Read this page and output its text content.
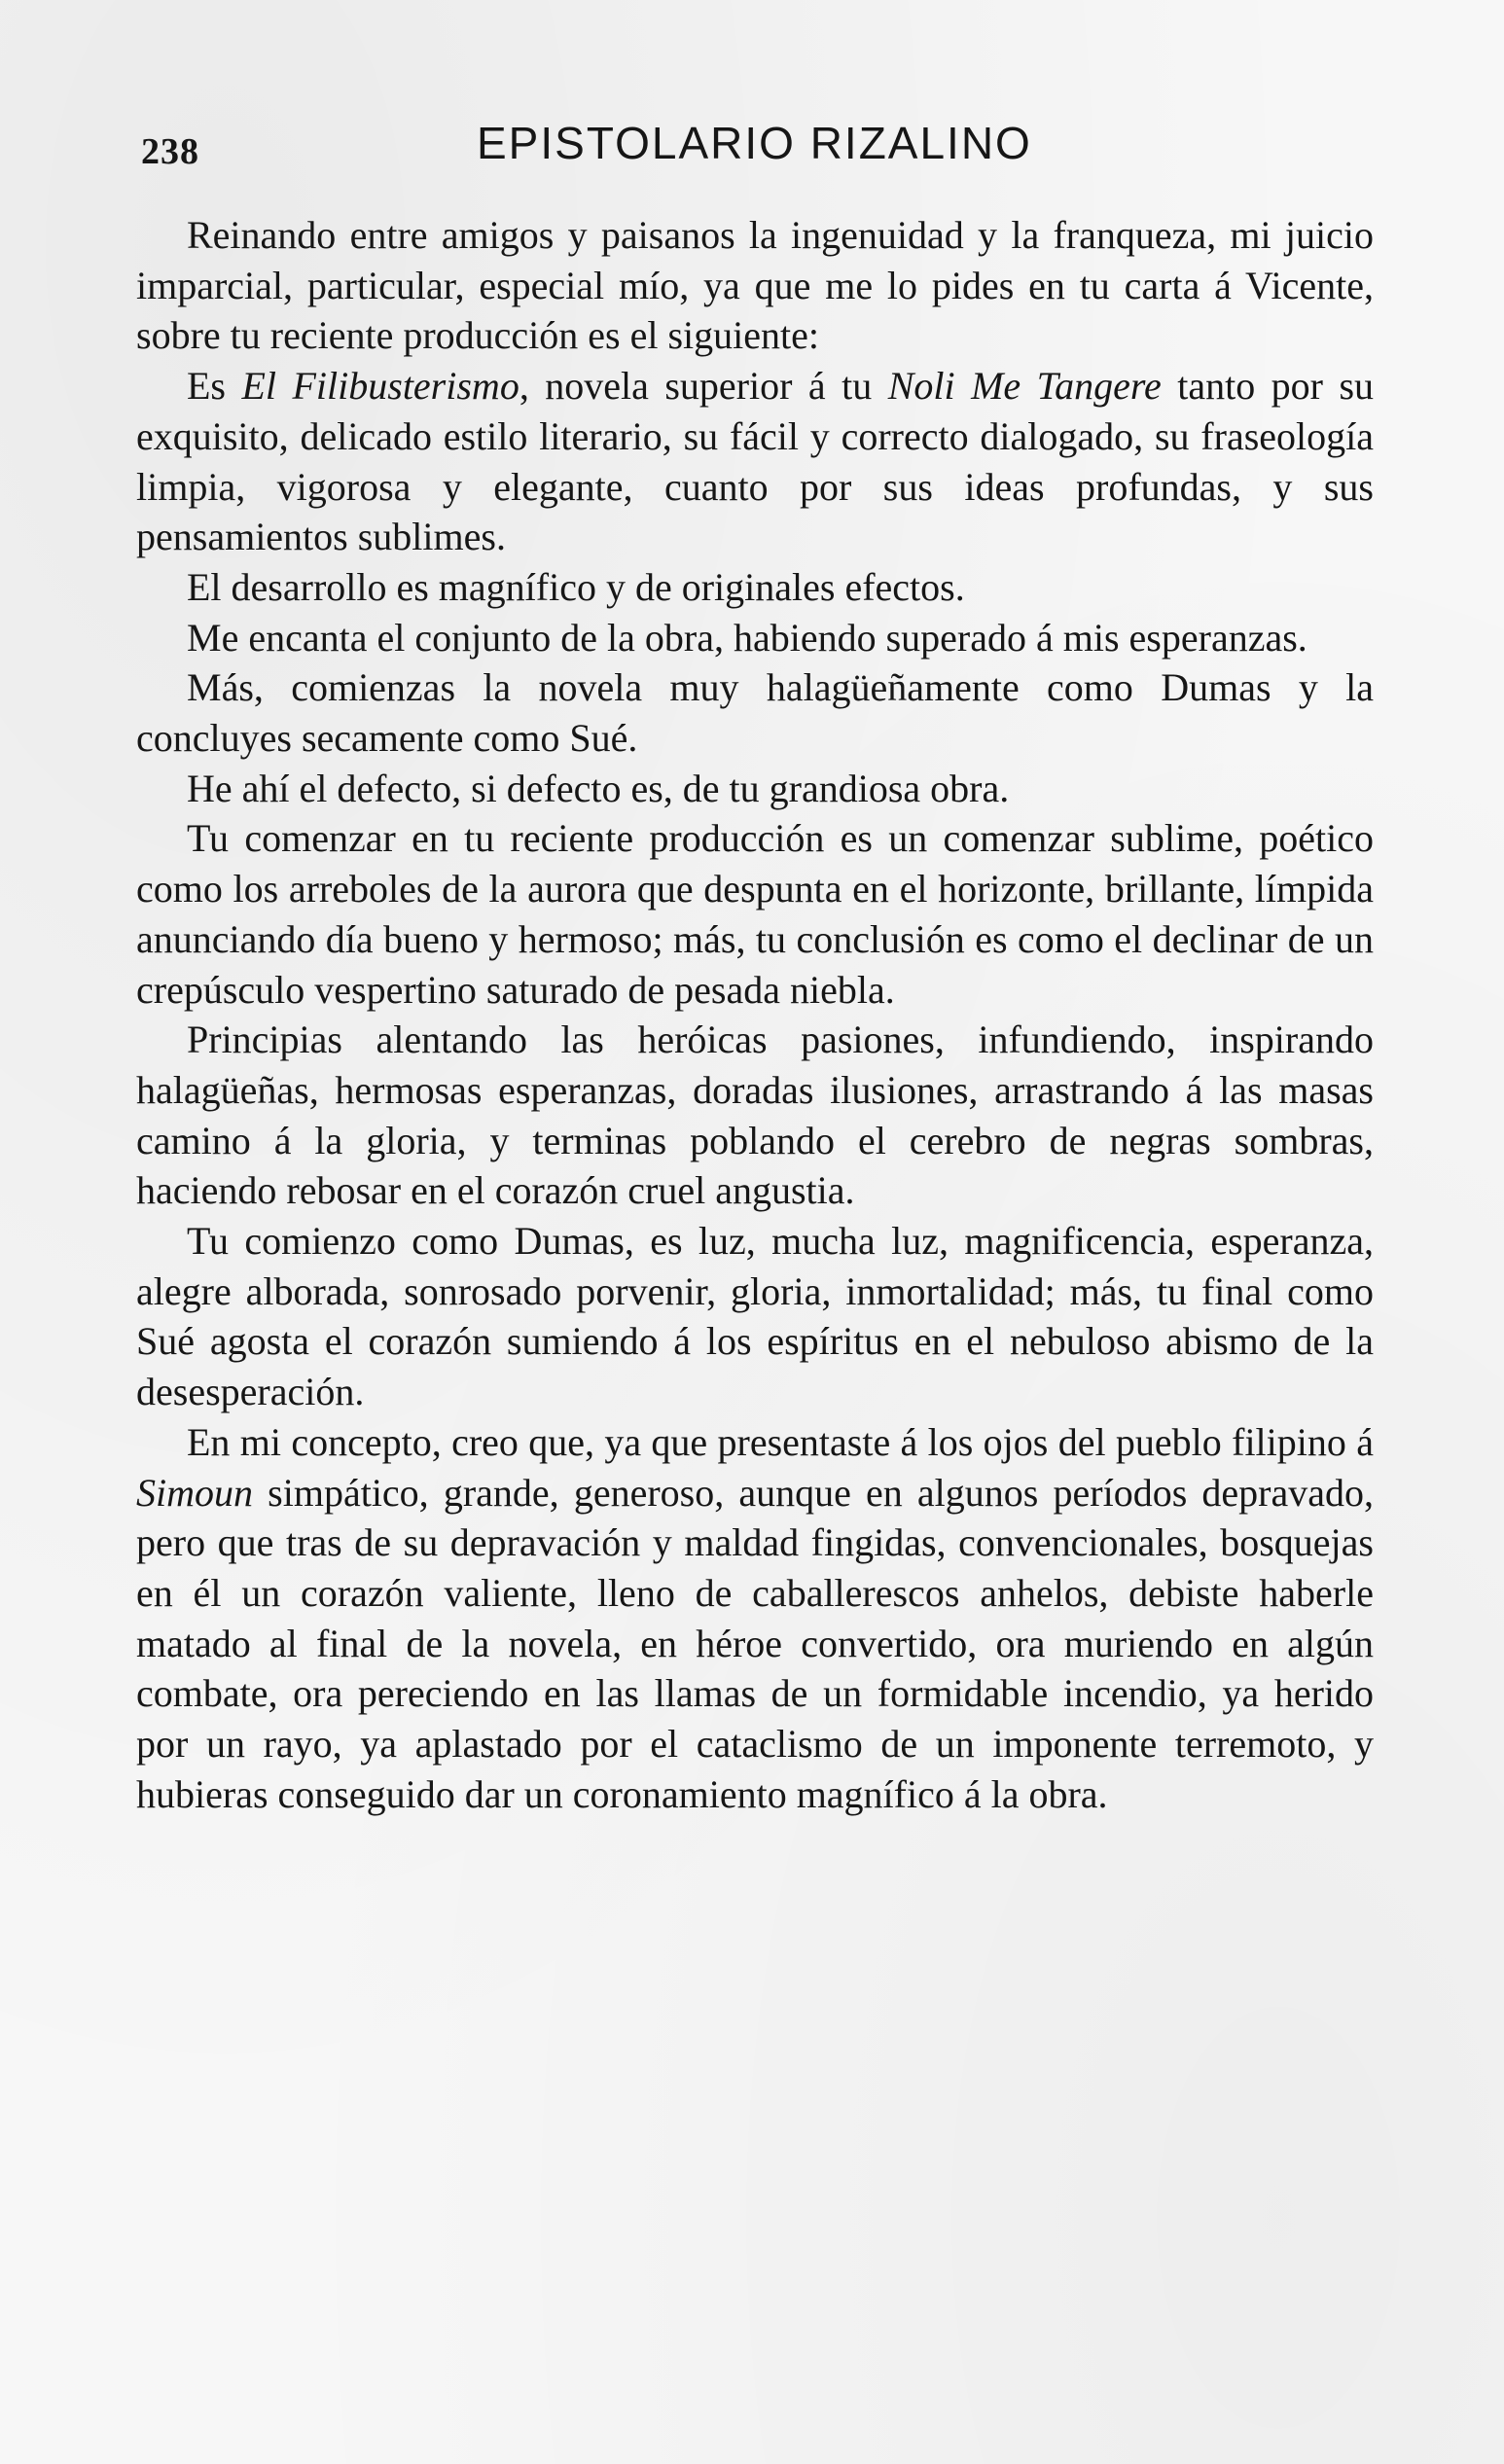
238	EPISTOLARIO RIZALINO

Reinando entre amigos y paisanos la ingenuidad y la franqueza, mi juicio imparcial, particular, especial mío, ya que me lo pides en tu carta á Vicente, sobre tu reciente producción es el siguiente:

Es El Filibusterismo, novela superior á tu Noli Me Tangere tanto por su exquisito, delicado estilo literario, su fácil y correcto dialogado, su fraseología limpia, vigorosa y elegante, cuanto por sus ideas profundas, y sus pensamientos sublimes.

El desarrollo es magnífico y de originales efectos.

Me encanta el conjunto de la obra, habiendo superado á mis esperanzas.

Más, comienzas la novela muy halagüeñamente como Dumas y la concluyes secamente como Sué.

He ahí el defecto, si defecto es, de tu grandiosa obra.

Tu comenzar en tu reciente producción es un comenzar sublime, poético como los arreboles de la aurora que despunta en el horizonte, brillante, límpida anunciando día bueno y hermoso; más, tu conclusión es como el declinar de un crepúsculo vespertino saturado de pesada niebla.

Principias alentando las heróicas pasiones, infundiendo, inspirando halagüeñas, hermosas esperanzas, doradas ilusiones, arrastrando á las masas camino á la gloria, y terminas poblando el cerebro de negras sombras, haciendo rebosar en el corazón cruel angustia.

Tu comienzo como Dumas, es luz, mucha luz, magnificencia, esperanza, alegre alborada, sonrosado porvenir, gloria, inmortalidad; más, tu final como Sué agosta el corazón sumiendo á los espíritus en el nebuloso abismo de la desesperación.

En mi concepto, creo que, ya que presentaste á los ojos del pueblo filipino á Simoun simpático, grande, generoso, aunque en algunos períodos depravado, pero que tras de su depravación y maldad fingidas, convencionales, bosquejas en él un corazón valiente, lleno de caballerescos anhelos, debiste haberle matado al final de la novela, en héroe convertido, ora muriendo en algún combate, ora pereciendo en las llamas de un formidable incendio, ya herido por un rayo, ya aplastado por el cataclismo de un imponente terremoto, y hubieras conseguido dar un coronamiento magnífico á la obra.
